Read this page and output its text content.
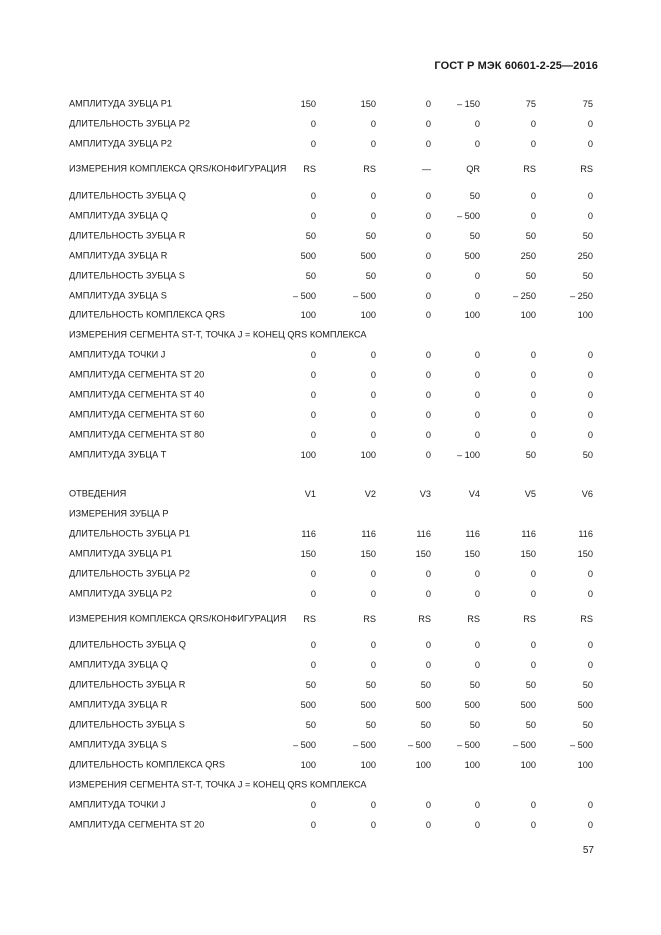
ГОСТ Р МЭК 60601-2-25—2016
АМПЛИТУДА ЗУБЦА P1	150	150	0	– 150	75	75
ДЛИТЕЛЬНОСТЬ ЗУБЦА P2	0	0	0	0	0	0
АМПЛИТУДА ЗУБЦА P2	0	0	0	0	0	0
ИЗМЕРЕНИЯ КОМПЛЕКСА QRS/КОНФИГУРАЦИЯ	RS	RS	—	QR	RS	RS
ДЛИТЕЛЬНОСТЬ ЗУБЦА Q	0	0	0	50	0	0
АМПЛИТУДА ЗУБЦА Q	0	0	0	– 500	0	0
ДЛИТЕЛЬНОСТЬ ЗУБЦА R	50	50	0	50	50	50
АМПЛИТУДА ЗУБЦА R	500	500	0	500	250	250
ДЛИТЕЛЬНОСТЬ ЗУБЦА S	50	50	0	0	50	50
АМПЛИТУДА ЗУБЦА S	– 500	– 500	0	0	– 250	– 250
ДЛИТЕЛЬНОСТЬ КОМПЛЕКСА QRS	100	100	0	100	100	100
ИЗМЕРЕНИЯ СЕГМЕНТА ST-T, ТОЧКА J = КОНЕЦ QRS КОМПЛЕКСА
АМПЛИТУДА ТОЧКИ J	0	0	0	0	0	0
АМПЛИТУДА СЕГМЕНТА ST 20	0	0	0	0	0	0
АМПЛИТУДА СЕГМЕНТА ST 40	0	0	0	0	0	0
АМПЛИТУДА СЕГМЕНТА ST 60	0	0	0	0	0	0
АМПЛИТУДА СЕГМЕНТА ST 80	0	0	0	0	0	0
АМПЛИТУДА ЗУБЦА T	100	100	0	– 100	50	50
ОТВЕДЕНИЯ	V1	V2	V3	V4	V5	V6
ИЗМЕРЕНИЯ ЗУБЦА P
ДЛИТЕЛЬНОСТЬ ЗУБЦА P1	116	116	116	116	116	116
АМПЛИТУДА ЗУБЦА P1	150	150	150	150	150	150
ДЛИТЕЛЬНОСТЬ ЗУБЦА P2	0	0	0	0	0	0
АМПЛИТУДА ЗУБЦА P2	0	0	0	0	0	0
ИЗМЕРЕНИЯ КОМПЛЕКСА QRS/КОНФИГУРАЦИЯ	RS	RS	RS	RS	RS	RS
ДЛИТЕЛЬНОСТЬ ЗУБЦА Q	0	0	0	0	0	0
АМПЛИТУДА ЗУБЦА Q	0	0	0	0	0	0
ДЛИТЕЛЬНОСТЬ ЗУБЦА R	50	50	50	50	50	50
АМПЛИТУДА ЗУБЦА R	500	500	500	500	500	500
ДЛИТЕЛЬНОСТЬ ЗУБЦА S	50	50	50	50	50	50
АМПЛИТУДА ЗУБЦА S	– 500	– 500	– 500	– 500	– 500	– 500
ДЛИТЕЛЬНОСТЬ КОМПЛЕКСА QRS	100	100	100	100	100	100
ИЗМЕРЕНИЯ СЕГМЕНТА ST-T, ТОЧКА J = КОНЕЦ QRS КОМПЛЕКСА
АМПЛИТУДА ТОЧКИ J	0	0	0	0	0	0
АМПЛИТУДА СЕГМЕНТА ST 20	0	0	0	0	0	0
57
